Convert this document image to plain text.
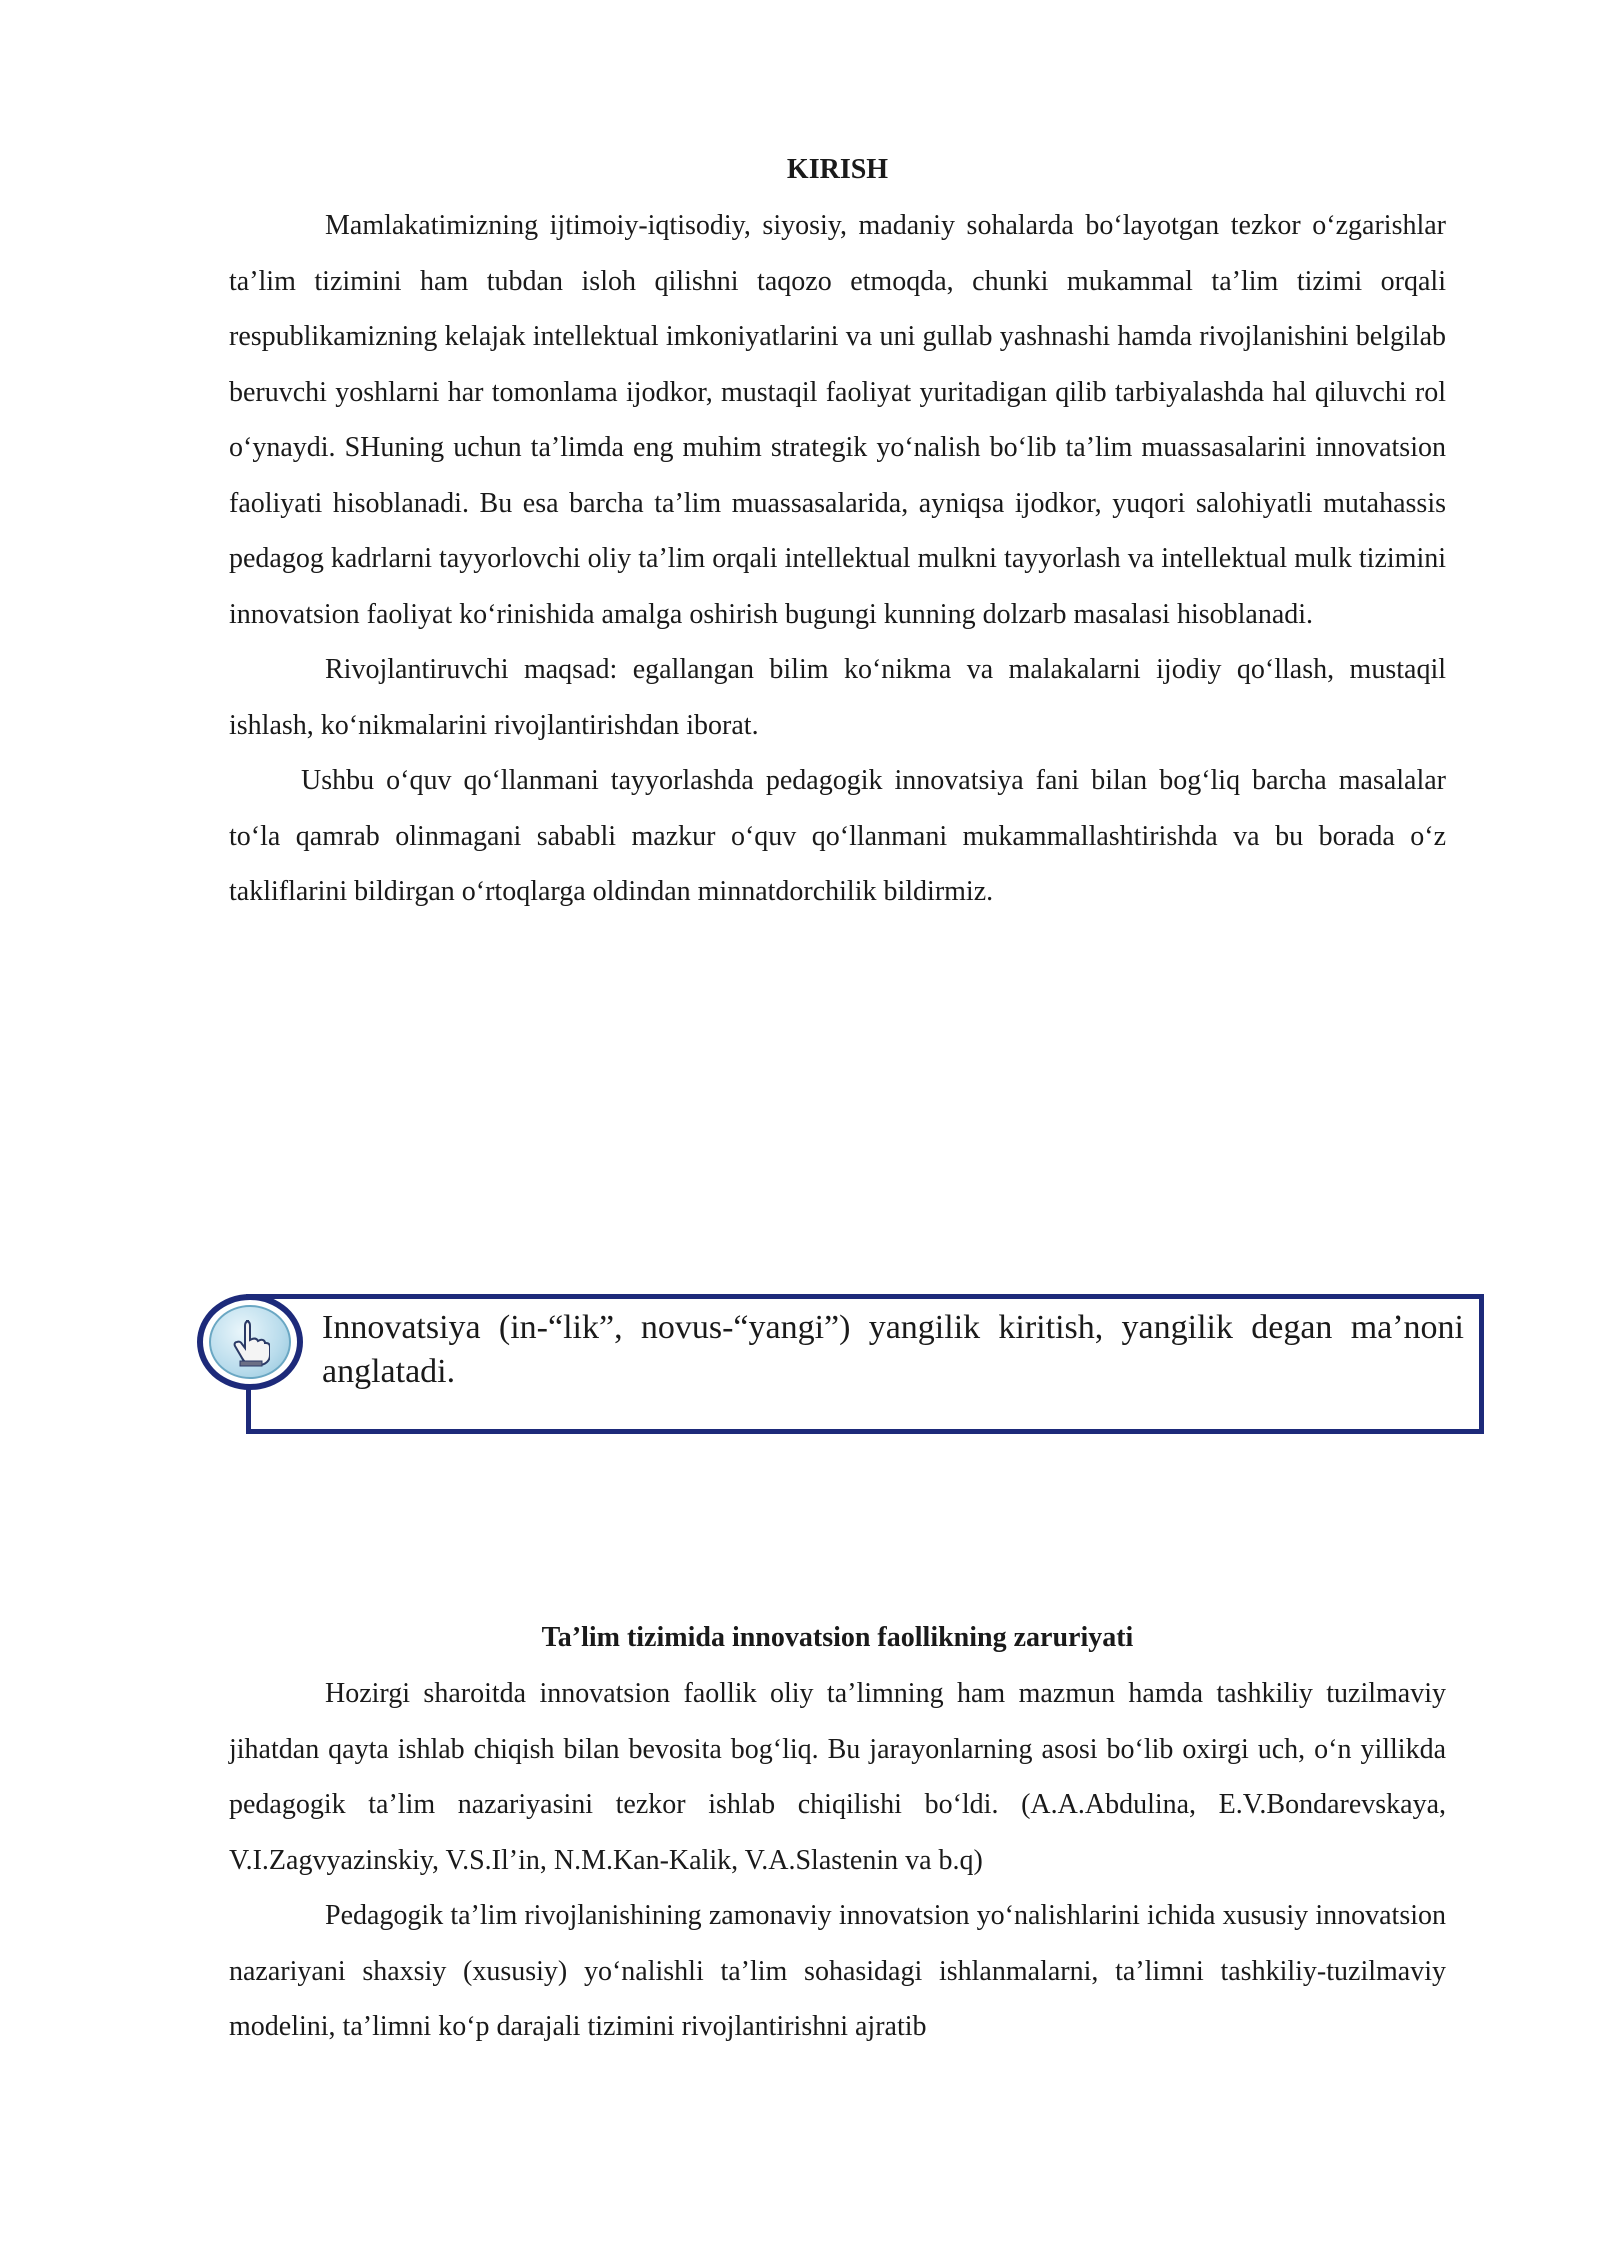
KIRISH

Mamlakatimizning ijtimoiy-iqtisodiy, siyosiy, madaniy sohalarda boʻlayotgan tezkor oʻzgarishlar taʼlim tizimini ham tubdan isloh qilishni taqozo etmoqda, chunki mukammal taʼlim tizimi orqali respublikamizning kelajak intellektual imkoniyatlarini va uni gullab yashnashi hamda rivojlanishini belgilab beruvchi yoshlarni har tomonlama ijodkor, mustaqil faoliyat yuritadigan qilib tarbiyalashda hal qiluvchi rol oʻynaydi. SHuning uchun taʼlimda eng muhim strategik yoʻnalish boʻlib taʼlim muassasalarini innovatsion faoliyati hisoblanadi. Bu esa barcha taʼlim muassasalarida, ayniqsa ijodkor, yuqori salohiyatli mutahassis pedagog kadrlarni tayyorlovchi oliy taʼlim orqali intellektual mulkni tayyorlash va intellektual mulk tizimini innovatsion faoliyat koʻrinishida amalga oshirish bugungi kunning dolzarb masalasi hisoblanadi.

Rivojlantiruvchi maqsad: egallangan bilim koʻnikma va malakalarni ijodiy qoʻllash, mustaqil ishlash, koʻnikmalarini rivojlantirishdan iborat.

Ushbu oʻquv qoʻllanmani tayyorlashda pedagogik innovatsiya fani bilan bogʻliq barcha masalalar toʻla qamrab olinmagani sababli mazkur oʻquv qoʻllanmani mukammallashtirishda va bu borada oʻz takliflarini bildirgan oʻrtoqlarga oldindan minnatdorchilik bildirmiz.

Innovatsiya (in-“lik”, novus-“yangi”) yangilik kiritish, yangilik degan maʼnoni anglatadi.
Taʼlim tizimida innovatsion faollikning zaruriyati

Hozirgi sharoitda innovatsion faollik oliy taʼlimning ham mazmun hamda tashkiliy tuzilmaviy jihatdan qayta ishlab chiqish bilan bevosita bogʻliq. Bu jarayonlarning asosi boʻlib oxirgi uch, oʻn yillikda pedagogik taʼlim nazariyasini tezkor ishlab chiqilishi boʻldi. (A.A.Abdulina, E.V.Bondarevskaya, V.I.Zagvyazinskiy, V.S.Ilʼin, N.M.Kan-Kalik, V.A.Slastenin va b.q)

Pedagogik taʼlim rivojlanishining zamonaviy innovatsion yoʻnalishlarini ichida xususiy innovatsion nazariyani shaxsiy (xususiy) yoʻnalishli taʼlim sohasidagi ishlanmalarni, taʼlimni tashkiliy-tuzilmaviy modelini, taʼlimni koʻp darajali tizimini rivojlantirishni ajratib
